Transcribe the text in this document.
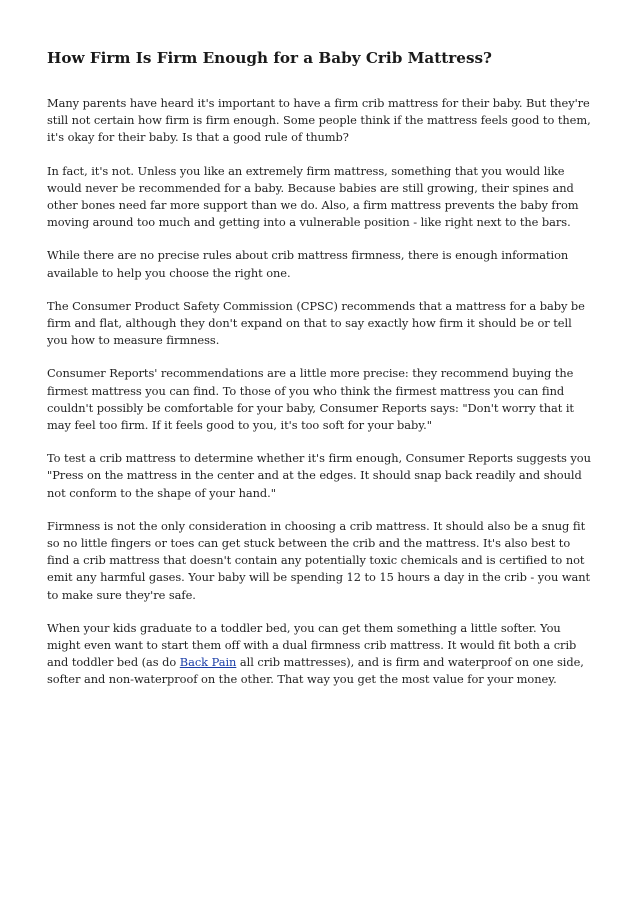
How Firm Is Firm Enough for a Baby Crib Mattress?

Many parents have heard it's important to have a firm crib mattress for their baby. But they're still not certain how firm is firm enough. Some people think if the mattress feels good to them, it's okay for their baby. Is that a good rule of thumb?

In fact, it's not. Unless you like an extremely firm mattress, something that you would like would never be recommended for a baby. Because babies are still growing, their spines and other bones need far more support than we do. Also, a firm mattress prevents the baby from moving around too much and getting into a vulnerable position - like right next to the bars.

While there are no precise rules about crib mattress firmness, there is enough information available to help you choose the right one.

The Consumer Product Safety Commission (CPSC) recommends that a mattress for a baby be firm and flat, although they don't expand on that to say exactly how firm it should be or tell you how to measure firmness.

Consumer Reports' recommendations are a little more precise: they recommend buying the firmest mattress you can find. To those of you who think the firmest mattress you can find couldn't possibly be comfortable for your baby, Consumer Reports says: "Don't worry that it may feel too firm. If it feels good to you, it's too soft for your baby."

To test a crib mattress to determine whether it's firm enough, Consumer Reports suggests you "Press on the mattress in the center and at the edges. It should snap back readily and should not conform to the shape of your hand."

Firmness is not the only consideration in choosing a crib mattress. It should also be a snug fit so no little fingers or toes can get stuck between the crib and the mattress. It's also best to find a crib mattress that doesn't contain any potentially toxic chemicals and is certified to not emit any harmful gases. Your baby will be spending 12 to 15 hours a day in the crib - you want to make sure they're safe.

When your kids graduate to a toddler bed, you can get them something a little softer. You might even want to start them off with a dual firmness crib mattress. It would fit both a crib and toddler bed (as do Back Pain all crib mattresses), and is firm and waterproof on one side, softer and non-waterproof on the other. That way you get the most value for your money.
